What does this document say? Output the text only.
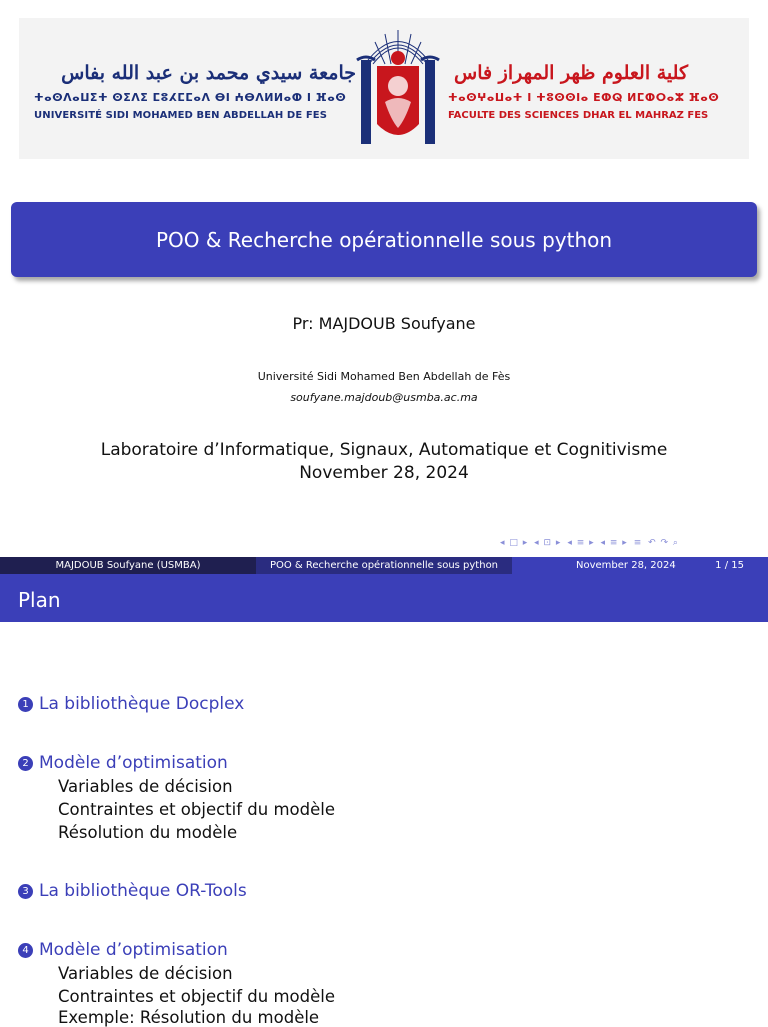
جامعة سيدي محمد بن عبد الله بفاس
ⵜⴰⵙⴷⴰⵡⵉⵜ ⵙⵉⴷⵉ ⵎⵓⵃⵎⵎⴰⴷ ⴱⵏ ⵄⴱⴷⵍⵍⴰⵀ ⵏ ⴼⴰⵙ
UNIVERSITÉ SIDI MOHAMED BEN ABDELLAH DE FES
كلية العلوم ظهر المهراز فاس
ⵜⴰⵙⵖⴰⵡⴰⵜ ⵏ ⵜⵓⵙⵙⵏⴰ ⴹⵀⵕ ⵍⵎⵀⵔⴰⵣ ⴼⴰⵙ
FACULTE DES SCIENCES DHAR EL MAHRAZ FES
POO & Recherche opérationnelle sous python
Pr: MAJDOUB Soufyane
Université Sidi Mohamed Ben Abdellah de Fès
soufyane.majdoub@usmba.ac.ma
Laboratoire d’Informatique, Signaux, Automatique et Cognitivisme
November 28, 2024
◂ □ ▸ ◂ ⊡ ▸ ◂ ≡ ▸ ◂ ≡ ▸ ≡ ↶ ↷ ⌕
MAJDOUB Soufyane (USMBA)	POO & Recherche opérationnelle sous python	November 28, 2024	1 / 15
Plan
1 La bibliothèque Docplex
2 Modèle d’optimisation
Variables de décision
Contraintes et objectif du modèle
Résolution du modèle
3 La bibliothèque OR-Tools
4 Modèle d’optimisation
Variables de décision
Contraintes et objectif du modèle
Exemple: Résolution du modèle
